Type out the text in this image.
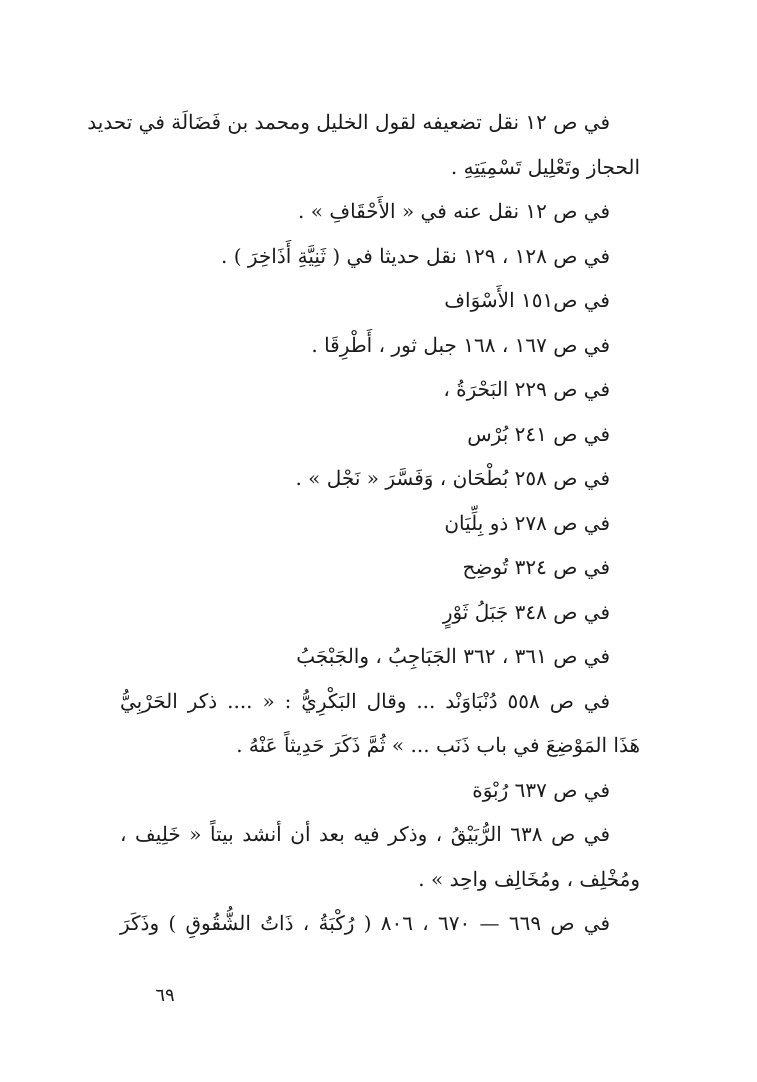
في ص ١٢ نقل تضعيفه لقول الخليل ومحمد بن فَضَالَة في تحديد
الحجاز وتَعْلِيل تَسْمِيَتِهِ .
في ص ١٢ نقل عنه في « الأَحْقَافِ » .
في ص ١٢٨ ، ١٢٩ نقل حديثا في ( ثَنِيَّةِ أَذَاخِرَ ) .
في ص١٥١ الأَسْوَاف
في ص ١٦٧ ، ١٦٨ جبل ثور ، أَطْرِقَا .
في ص ٢٢٩ البَحْرَةُ ،
في ص ٢٤١ بُرْس
في ص ٢٥٨ بُطْحَان ، وَفَسَّرَ « نَجْل » .
في ص ٢٧٨ ذو بِلِّيَان
في ص ٣٢٤ تُوضِح
في ص ٣٤٨ جَبَلُ ثَوْرٍ
في ص ٣٦١ ، ٣٦٢ الجَبَاجِبُ ، والجَبْجَبُ
في ص ٥٥٨ دُنْبَاوَنْد ... وقال البَكْرِيُّ : « .... ذكر الحَرْبِيُّ
هَذَا المَوْضِعَ في باب ذَنَب ... » ثُمَّ ذَكَرَ حَدِيثاً عَنْهُ .
في ص ٦٣٧ رُبْوَة
في ص ٦٣٨ الرُّبَيْقُ ، وذكر فيه بعد أن أنشد بيتاً « خَلِيف ،
ومُخْلِف ، ومُخَالِف واحِد » .
في ص ٦٦٩ — ٦٧٠ ، ٨٠٦ ( رُكْبَةُ ، ذَاتُ الشُّقُوقِ ) وذَكَرَ
٦٩
